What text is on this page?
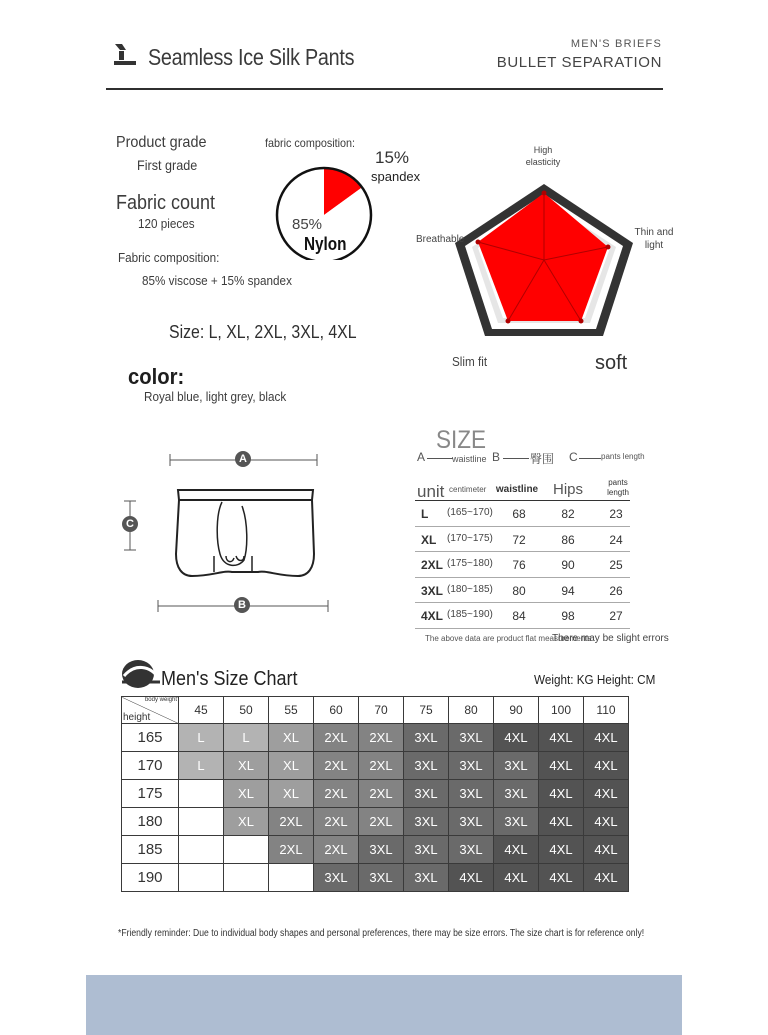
Seamless Ice Silk Pants	MEN'S BRIEFS
BULLET SEPARATION
Product grade
First grade
Fabric count
120 pieces
Fabric composition:
85% viscose + 15% spandex
Size: L, XL, 2XL, 3XL, 4XL
color:
Royal blue, light grey, black
fabric composition:
15%
spandex
85%
Nylon
High elasticity
Thin and light
soft
Slim fit
Breathable
A
B
C
SIZE
A	waistline B 臀围 C	pants length
unit centimeter waistline Hips	pants length
L	(165~170)	68	82	23
XL	(170~175)	72	86	24
2XL (175~180)	76	90	25
3XL (180~185)	80	94	26
4XL (185~190)	84	98	27
The above data are product flat measurements
There may be slight errors
Men's Size Chart	Weight: KG Height: CM
body weight
height	45	50	55	60	70	75	80	90	100	110
165	L	L	XL	2XL	2XL	3XL	3XL	4XL	4XL	4XL
170	L	XL	XL	2XL	2XL	3XL	3XL	3XL	4XL	4XL
175		XL	XL	2XL	2XL	3XL	3XL	3XL	4XL	4XL
180		XL	2XL	2XL	2XL	3XL	3XL	3XL	4XL	4XL
185			2XL	2XL	3XL	3XL	3XL	4XL	4XL	4XL
190				3XL	3XL	3XL	4XL	4XL	4XL	4XL
*Friendly reminder: Due to individual body shapes and personal preferences, there may be size errors. The size chart is for reference only!
